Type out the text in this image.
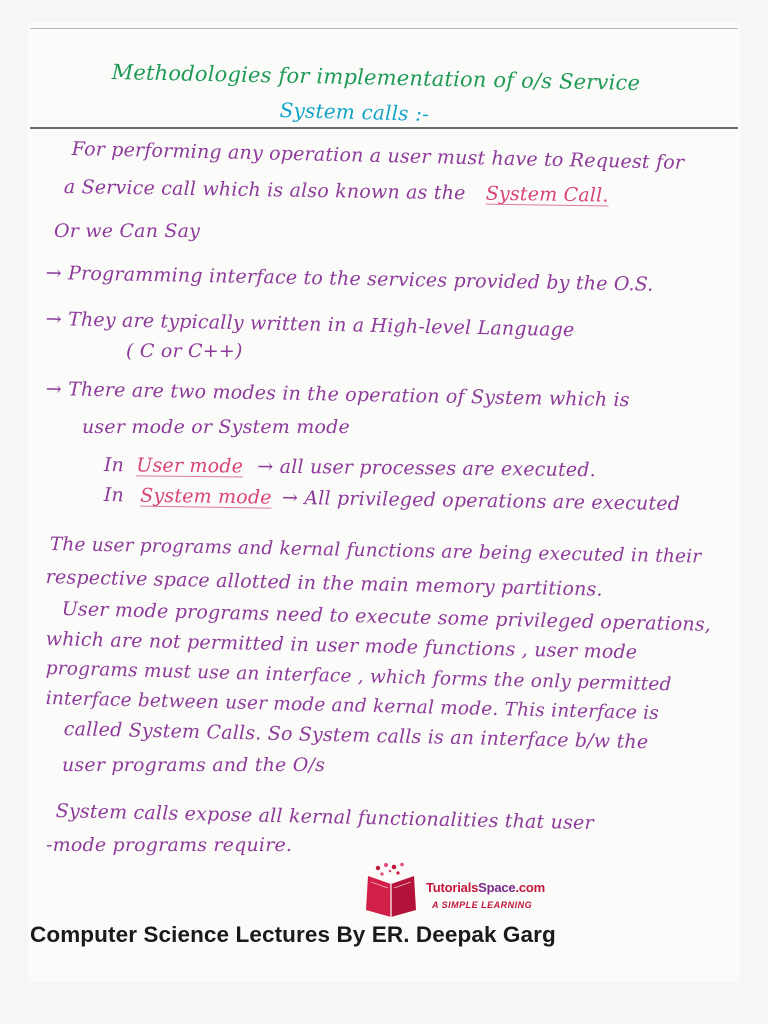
Methodologies for implementation of o/s Service
System calls :-
For performing any operation a user must have to Request for
a Service call which is also known as the System Call.
Or we Can Say
→ Programming interface to the services provided by the O.S.
→ They are typically written in a High-level Language
( C or C++)
→ There are two modes in the operation of System which is
user mode or System mode
In User mode → all user processes are executed.
In System mode → All privileged operations are executed
The user programs and kernal functions are being executed in their
respective space allotted in the main memory partitions.
User mode programs need to execute some privileged operations,
which are not permitted in user mode functions , user mode
programs must use an interface , which forms the only permitted
interface between user mode and kernal mode. This interface is
called System Calls. So System calls is an interface b/w the
user programs and the O/s
System calls expose all kernal functionalities that user
-mode programs require.
TutorialsSpace.com
A SIMPLE LEARNING
Computer Science Lectures By ER. Deepak Garg
